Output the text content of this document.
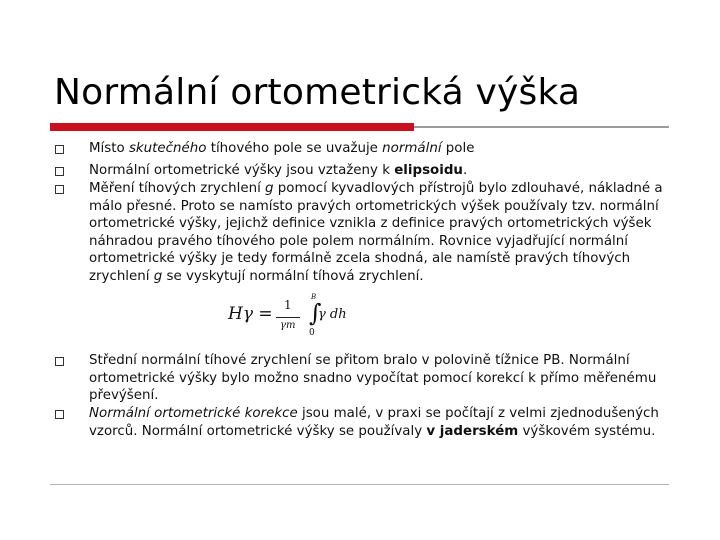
Normální ortometrická výška
Místo skutečného tíhového pole se uvažuje normální pole
Normální ortometrické výšky jsou vztaženy k elipsoidu.
Měření tíhových zrychlení g pomocí kyvadlových přístrojů bylo zdlouhavé, nákladné a málo přesné. Proto se namísto pravých ortometrických výšek používaly tzv. normální ortometrické výšky, jejichž definice vznikla z definice pravých ortometrických výšek náhradou pravého tíhového pole polem normálním. Rovnice vyjadřující normální ortometrické výšky je tedy formálně zcela shodná, ale namístě pravých tíhových zrychlení g se vyskytují normální tíhová zrychlení.
Hγ = 1
γm
B
∫
0
γ dh
Střední normální tíhové zrychlení se přitom bralo v polovině tížnice PB. Normální ortometrické výšky bylo možno snadno vypočítat pomocí korekcí k přímo měřenému převýšení.
Normální ortometrické korekce jsou malé, v praxi se počítají z velmi zjednodušených vzorců. Normální ortometrické výšky se používaly v jaderském výškovém systému.
